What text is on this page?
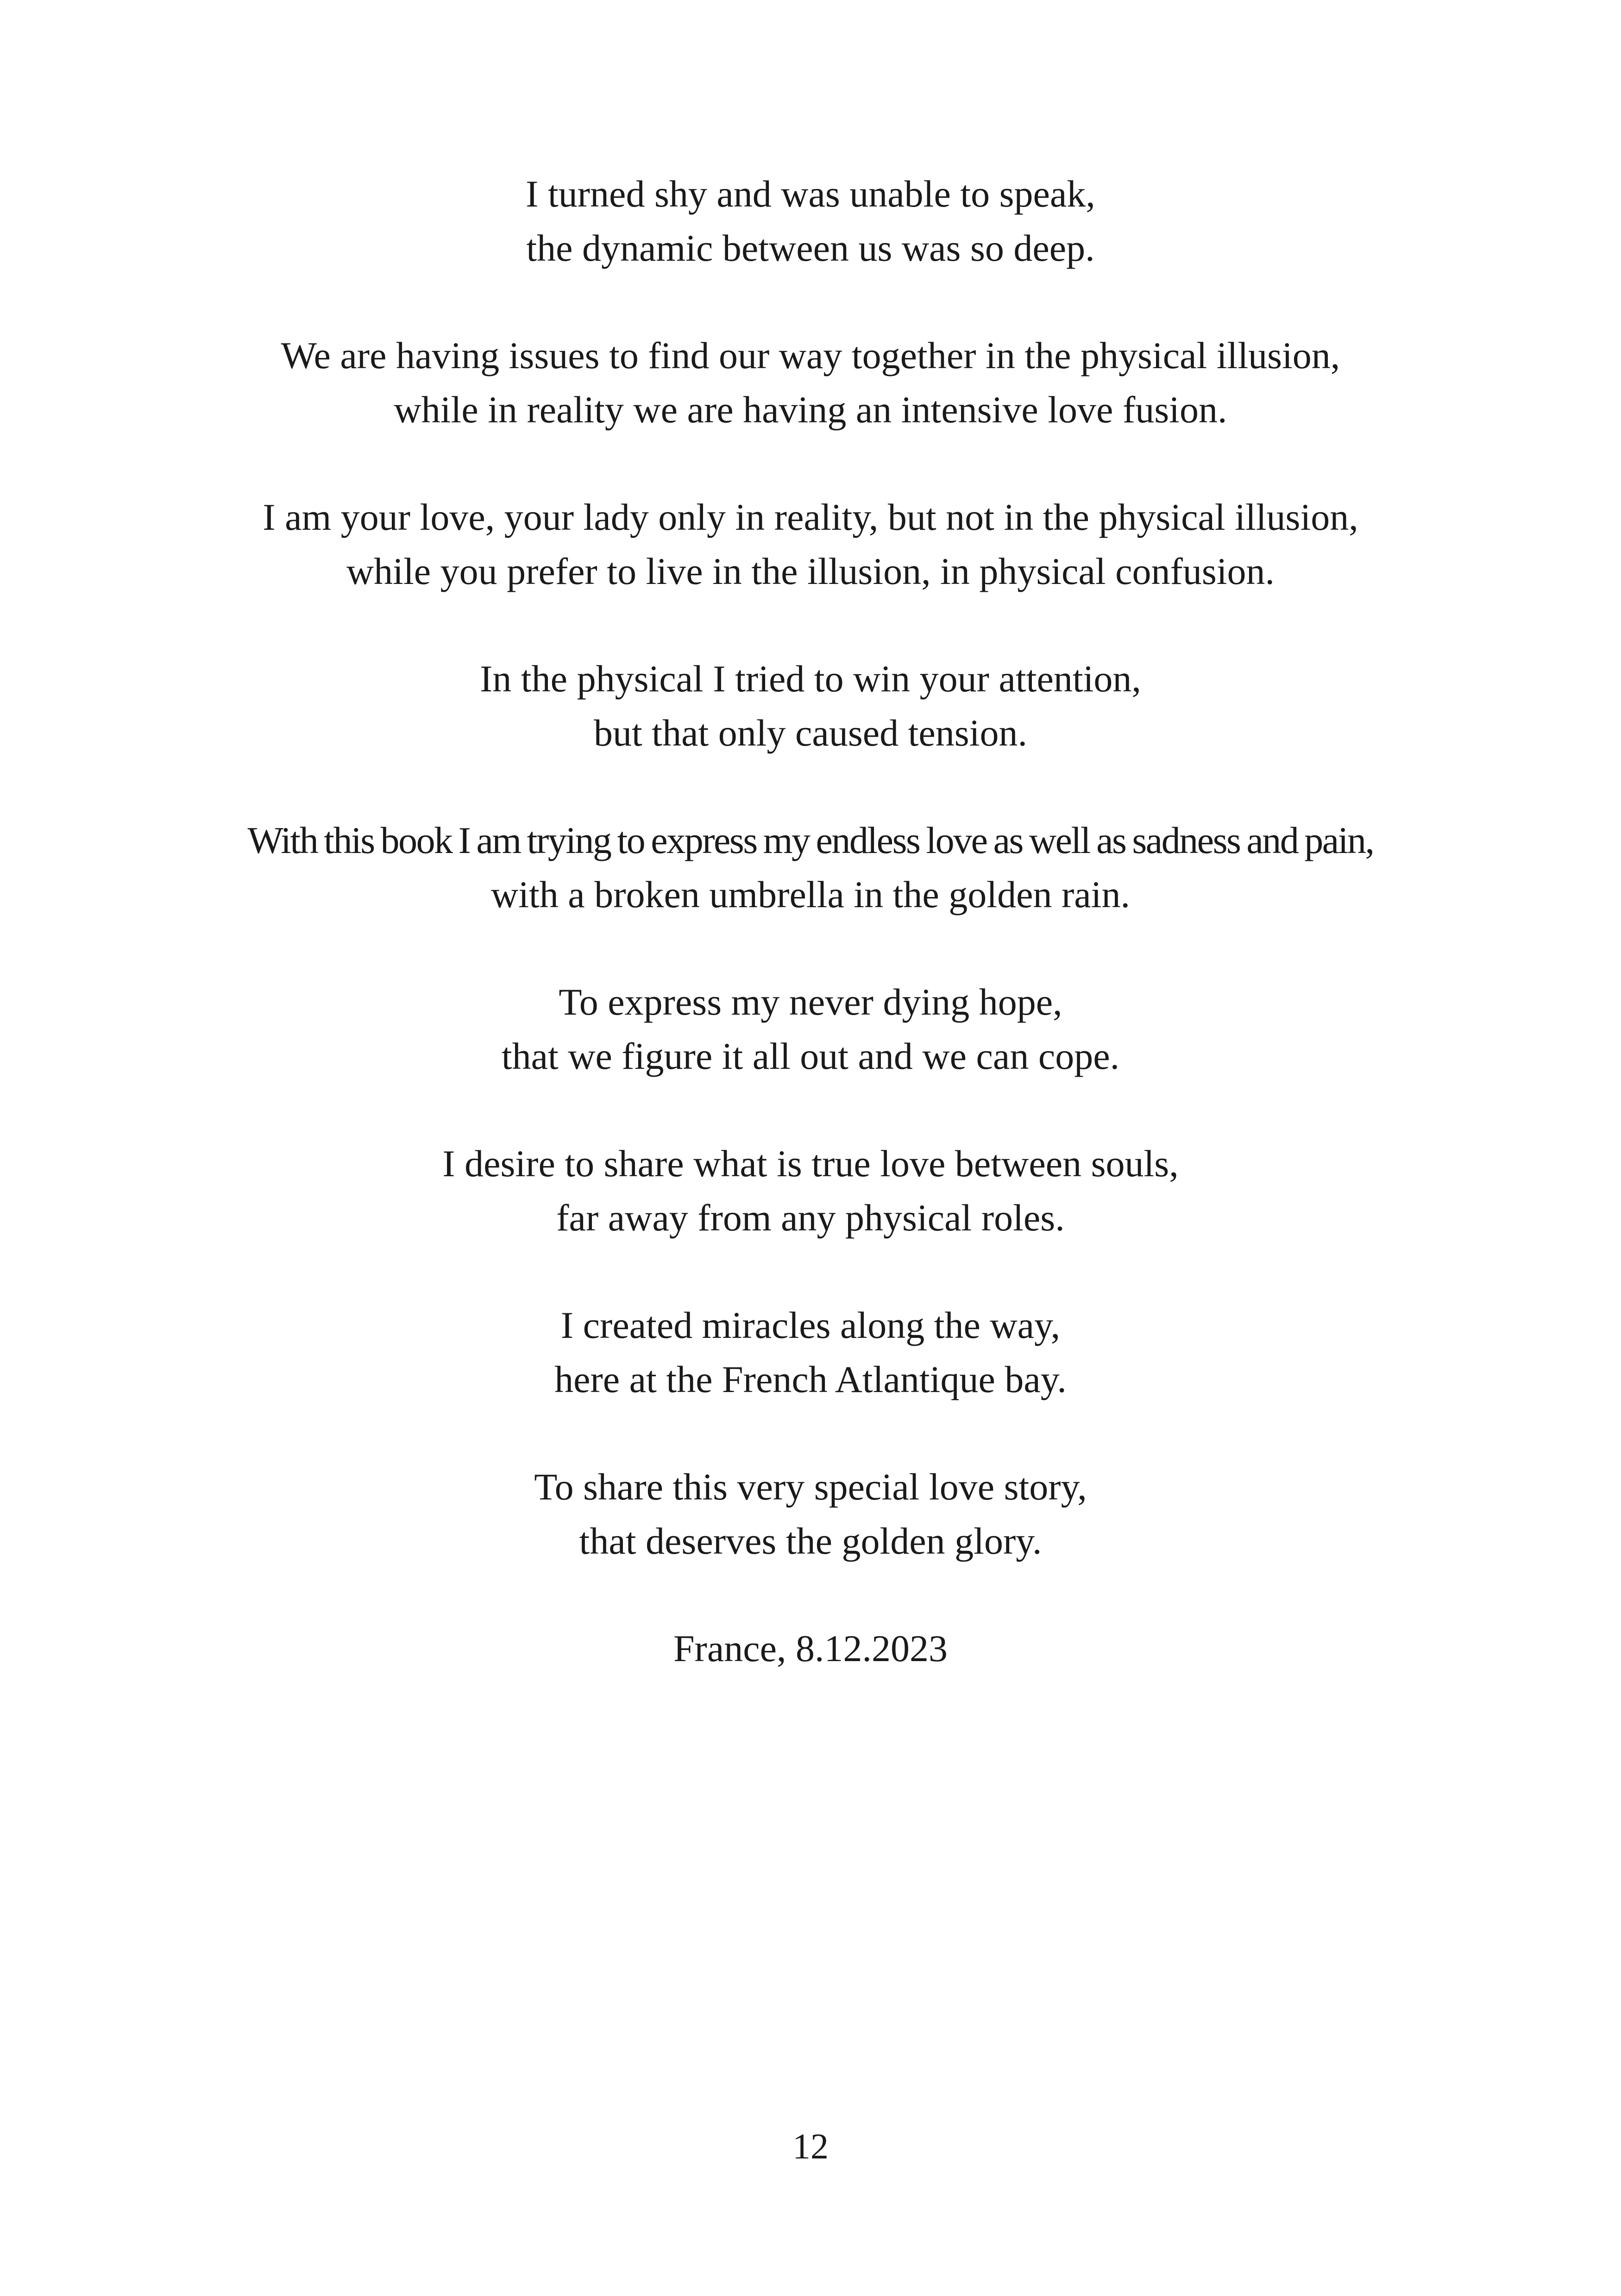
I turned shy and was unable to speak,
the dynamic between us was so deep.
We are having issues to find our way together in the physical illusion,
while in reality we are having an intensive love fusion.
I am your love, your lady only in reality, but not in the physical illusion,
while you prefer to live in the illusion, in physical confusion.
In the physical I tried to win your attention,
but that only caused tension.
With this book I am trying to express my endless love as well as sadness and pain,
with a broken umbrella in the golden rain.
To express my never dying hope,
that we figure it all out and we can cope.
I desire to share what is true love between souls,
far away from any physical roles.
I created miracles along the way,
here at the French Atlantique bay.
To share this very special love story,
that deserves the golden glory.
France, 8.12.2023
12
